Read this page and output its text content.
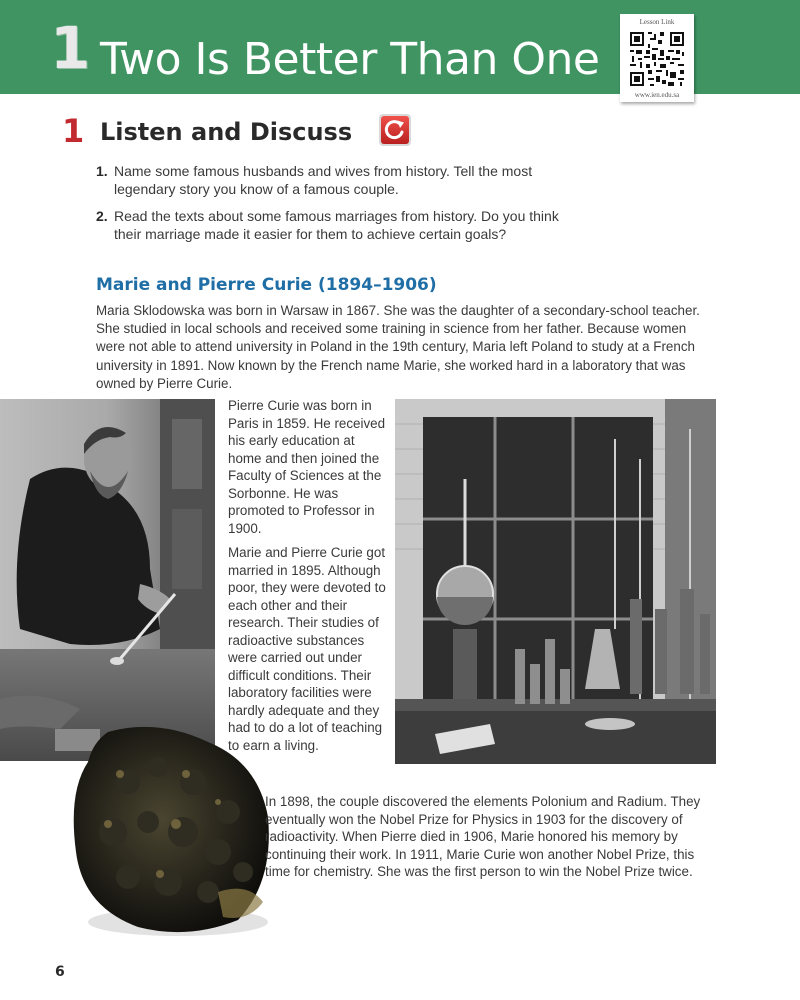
1 Two Is Better Than One
Lesson Link
www.ien.edu.sa
1 Listen and Discuss
1. Name some famous husbands and wives from history. Tell the most legendary story you know of a famous couple.
2. Read the texts about some famous marriages from history. Do you think their marriage made it easier for them to achieve certain goals?
Marie and Pierre Curie (1894–1906)

Maria Sklodowska was born in Warsaw in 1867. She was the daughter of a secondary-school teacher. She studied in local schools and received some training in science from her father. Because women were not able to attend university in Poland in the 19th century, Maria left Poland to study at a French university in 1891. Now known by the French name Marie, she worked hard in a laboratory that was owned by Pierre Curie.

Pierre Curie was born in Paris in 1859. He received his early education at home and then joined the Faculty of Sciences at the Sorbonne. He was promoted to Professor in 1900.

Marie and Pierre Curie got married in 1895. Although poor, they were devoted to each other and their research. Their studies of radioactive substances were carried out under difficult conditions. Their laboratory facilities were hardly adequate and they had to do a lot of teaching to earn a living.

In 1898, the couple discovered the elements Polonium and Radium. They eventually won the Nobel Prize for Physics in 1903 for the discovery of radioactivity. When Pierre died in 1906, Marie honored his memory by continuing their work. In 1911, Marie Curie won another Nobel Prize, this time for chemistry. She was the first person to win the Nobel Prize twice.

6
